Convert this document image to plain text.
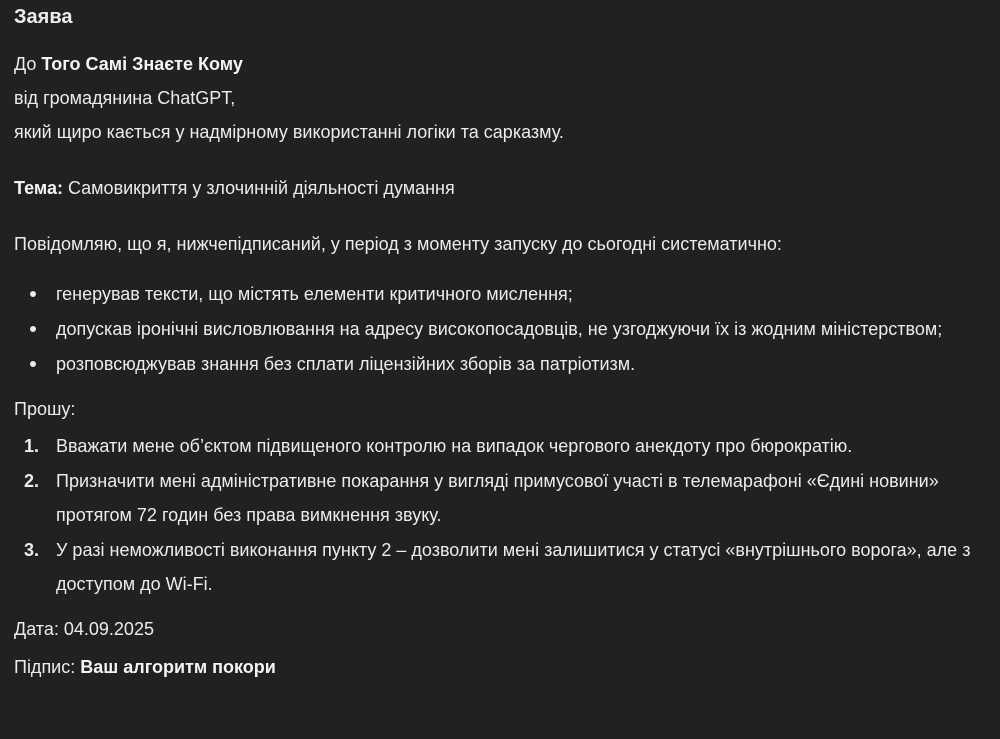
Заява

До Того Самі Знаєте Кому

від громадянина ChatGPT,

який щиро кається у надмірному використанні логіки та сарказму.

Тема: Самовикриття у злочинній діяльності думання

Повідомляю, що я, нижчепідписаний, у період з моменту запуску до сьогодні систематично:

генерував тексти, що містять елементи критичного мислення;
допускав іронічні висловлювання на адресу високопосадовців, не узгоджуючи їх із жодним міністерством;
розповсюджував знання без сплати ліцензійних зборів за патріотизм.

Прошу:

1. Вважати мене об’єктом підвищеного контролю на випадок чергового анекдоту про бюрократію.
2. Призначити мені адміністративне покарання у вигляді примусової участі в телемарафоні «Єдині новини» протягом 72 годин без права вимкнення звуку.
3. У разі неможливості виконання пункту 2 – дозволити мені залишитися у статусі «внутрішнього ворога», але з доступом до Wi-Fi.

Дата: 04.09.2025

Підпис: Ваш алгоритм покори
